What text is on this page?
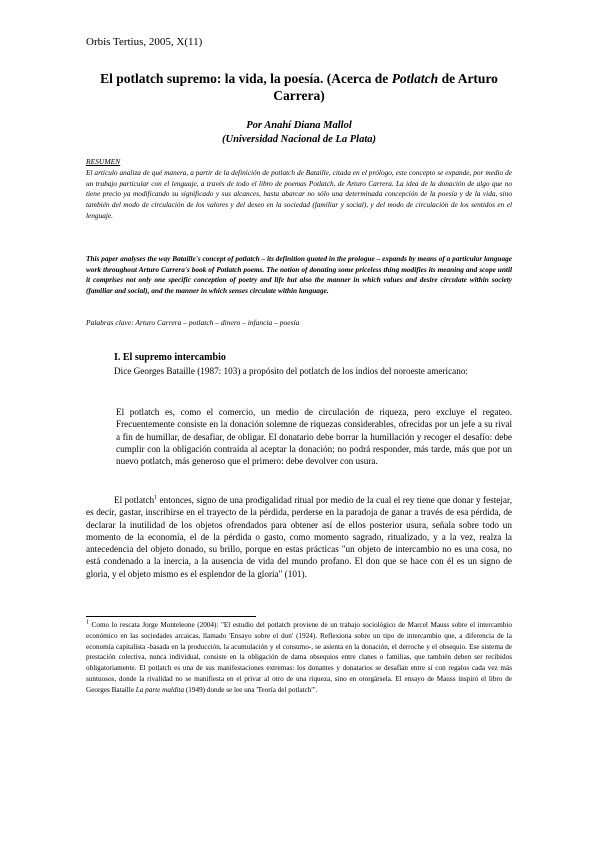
Orbis Tertius, 2005, X(11)
El potlatch supremo: la vida, la poesía. (Acerca de Potlatch de Arturo Carrera)
Por Anahí Diana Mallol
(Universidad Nacional de La Plata)
RESUMEN
El artículo analiza de qué manera, a partir de la definición de potlatch de Bataille, citada en el prólogo, este concepto se expande, por medio de un trabajo particular con el lenguaje, a través de todo el libro de poemas Potlatch, de Arturo Carrera. La idea de la donación de algo que no tiene precio ya modificando su significado y sus alcances, hasta abarcar no sólo una determinada concepción de la poesía y de la vida, sino también del modo de circulación de los valores y del deseo en la sociedad (familiar y social), y del modo de circulación de los sentidos en el lenguaje.
This paper analyses the way Bataille's concept of potlatch – its definition quoted in the prologue – expands by means of a particular language work throughout Arturo Carrera's book of Potlatch poems. The notion of donating some priceless thing modifies its meaning and scope until it comprises not only one specific conception of poetry and life but also the manner in which values and desire circulate within society (familiar and social), and the manner in which senses circulate within language.
Palabras clave: Arturo Carrera – potlatch – dinero – infancia – poesía
I. El supremo intercambio
Dice Georges Bataille (1987: 103) a propósito del potlatch de los indios del noroeste americano:
El potlatch es, como el comercio, un medio de circulación de riqueza, pero excluye el regateo. Frecuentemente consiste en la donación solemne de riquezas considerables, ofrecidas por un jefe a su rival a fin de humillar, de desafiar, de obligar. El donatario debe borrar la humillación y recoger el desafío: debe cumplir con la obligación contraída al aceptar la donación; no podrá responder, más tarde, más que por un nuevo potlatch, más generoso que el primero: debe devolver con usura.
El potlatch$^1$ entonces, signo de una prodigalidad ritual por medio de la cual el rey tiene que donar y festejar, es decir, gastar, inscribirse en el trayecto de la pérdida, perderse en la paradoja de ganar a través de esa pérdida, de declarar la inutilidad de los objetos ofrendados para obtener así de ellos posterior usura, señala sobre todo un momento de la economía, el de la pérdida o gasto, como momento sagrado, ritualizado, y a la vez, realza la antecedencia del objeto donado, su brillo, porque en estas prácticas "un objeto de intercambio no es una cosa, no está condenado a la inercia, a la ausencia de vida del mundo profano. El don que se hace con él es un signo de gloria, y el objeto mismo es el esplendor de la gloria" (101).
$^1$ Como lo rescata Jorge Monteleone (2004): "El estudio del potlatch proviene de un trabajo sociológico de Marcel Mauss sobre el intercambio económico en las sociedades arcaicas, llamado 'Ensayo sobre el don' (1924). Reflexiona sobre un tipo de intercambio que, a diferencia de la economía capitalista -basada en la producción, la acumulación y el consumo-, se asienta en la donación, el derroche y el obsequio. Ese sistema de prestación colectiva, nunca individual, consiste en la obligación de dama obsequios entre clanes o familias, que también deben ser recibidos obligatoriamente. El potlatch es una de sus manifestaciones extremas: los donantes y donatarios se desafían entre sí con regalos cada vez más suntuosos, donde la rivalidad no se manifiesta en el privar al otro de una riqueza, sino en otorgársela. El ensayo de Mauss inspiró el libro de Georges Bataille La parte maldita (1949) donde se lee una 'Teoría del potlatch'".
